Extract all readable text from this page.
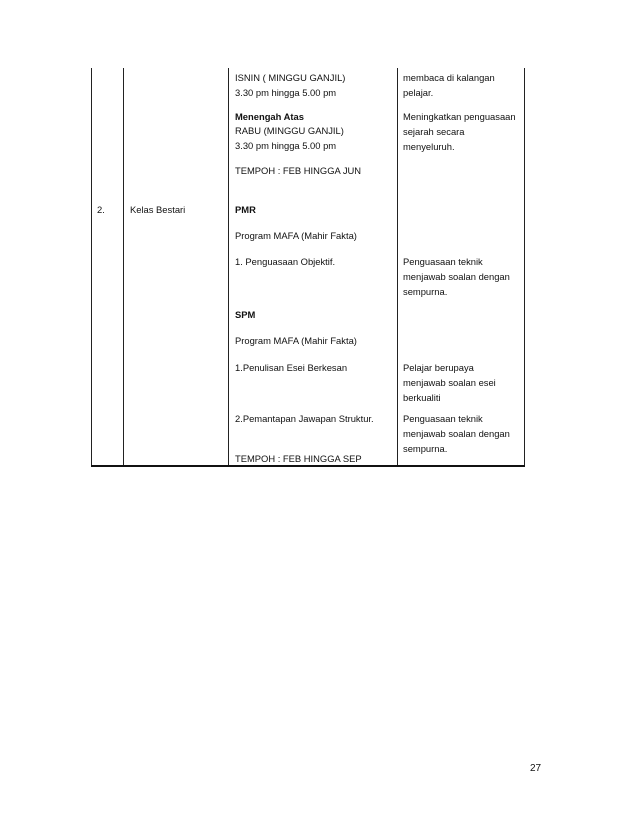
2.	Kelas Bestari
ISNIN ( MINGGU GANJIL)
3.30 pm hingga 5.00 pm
Menengah Atas
RABU (MINGGU GANJIL)
3.30 pm hingga 5.00 pm
TEMPOH : FEB HINGGA JUN
PMR
Program MAFA (Mahir Fakta)
1. Penguasaan Objektif.
SPM
Program MAFA (Mahir Fakta)
1.Penulisan Esei Berkesan
2.Pemantapan Jawapan Struktur.
TEMPOH : FEB HINGGA SEP
membaca di kalangan
pelajar.
Meningkatkan penguasaan
sejarah secara
menyeluruh.
Penguasaan teknik
menjawab soalan dengan
sempurna.
Pelajar berupaya
menjawab soalan esei
berkualiti
Penguasaan teknik
menjawab soalan dengan
sempurna.
27
